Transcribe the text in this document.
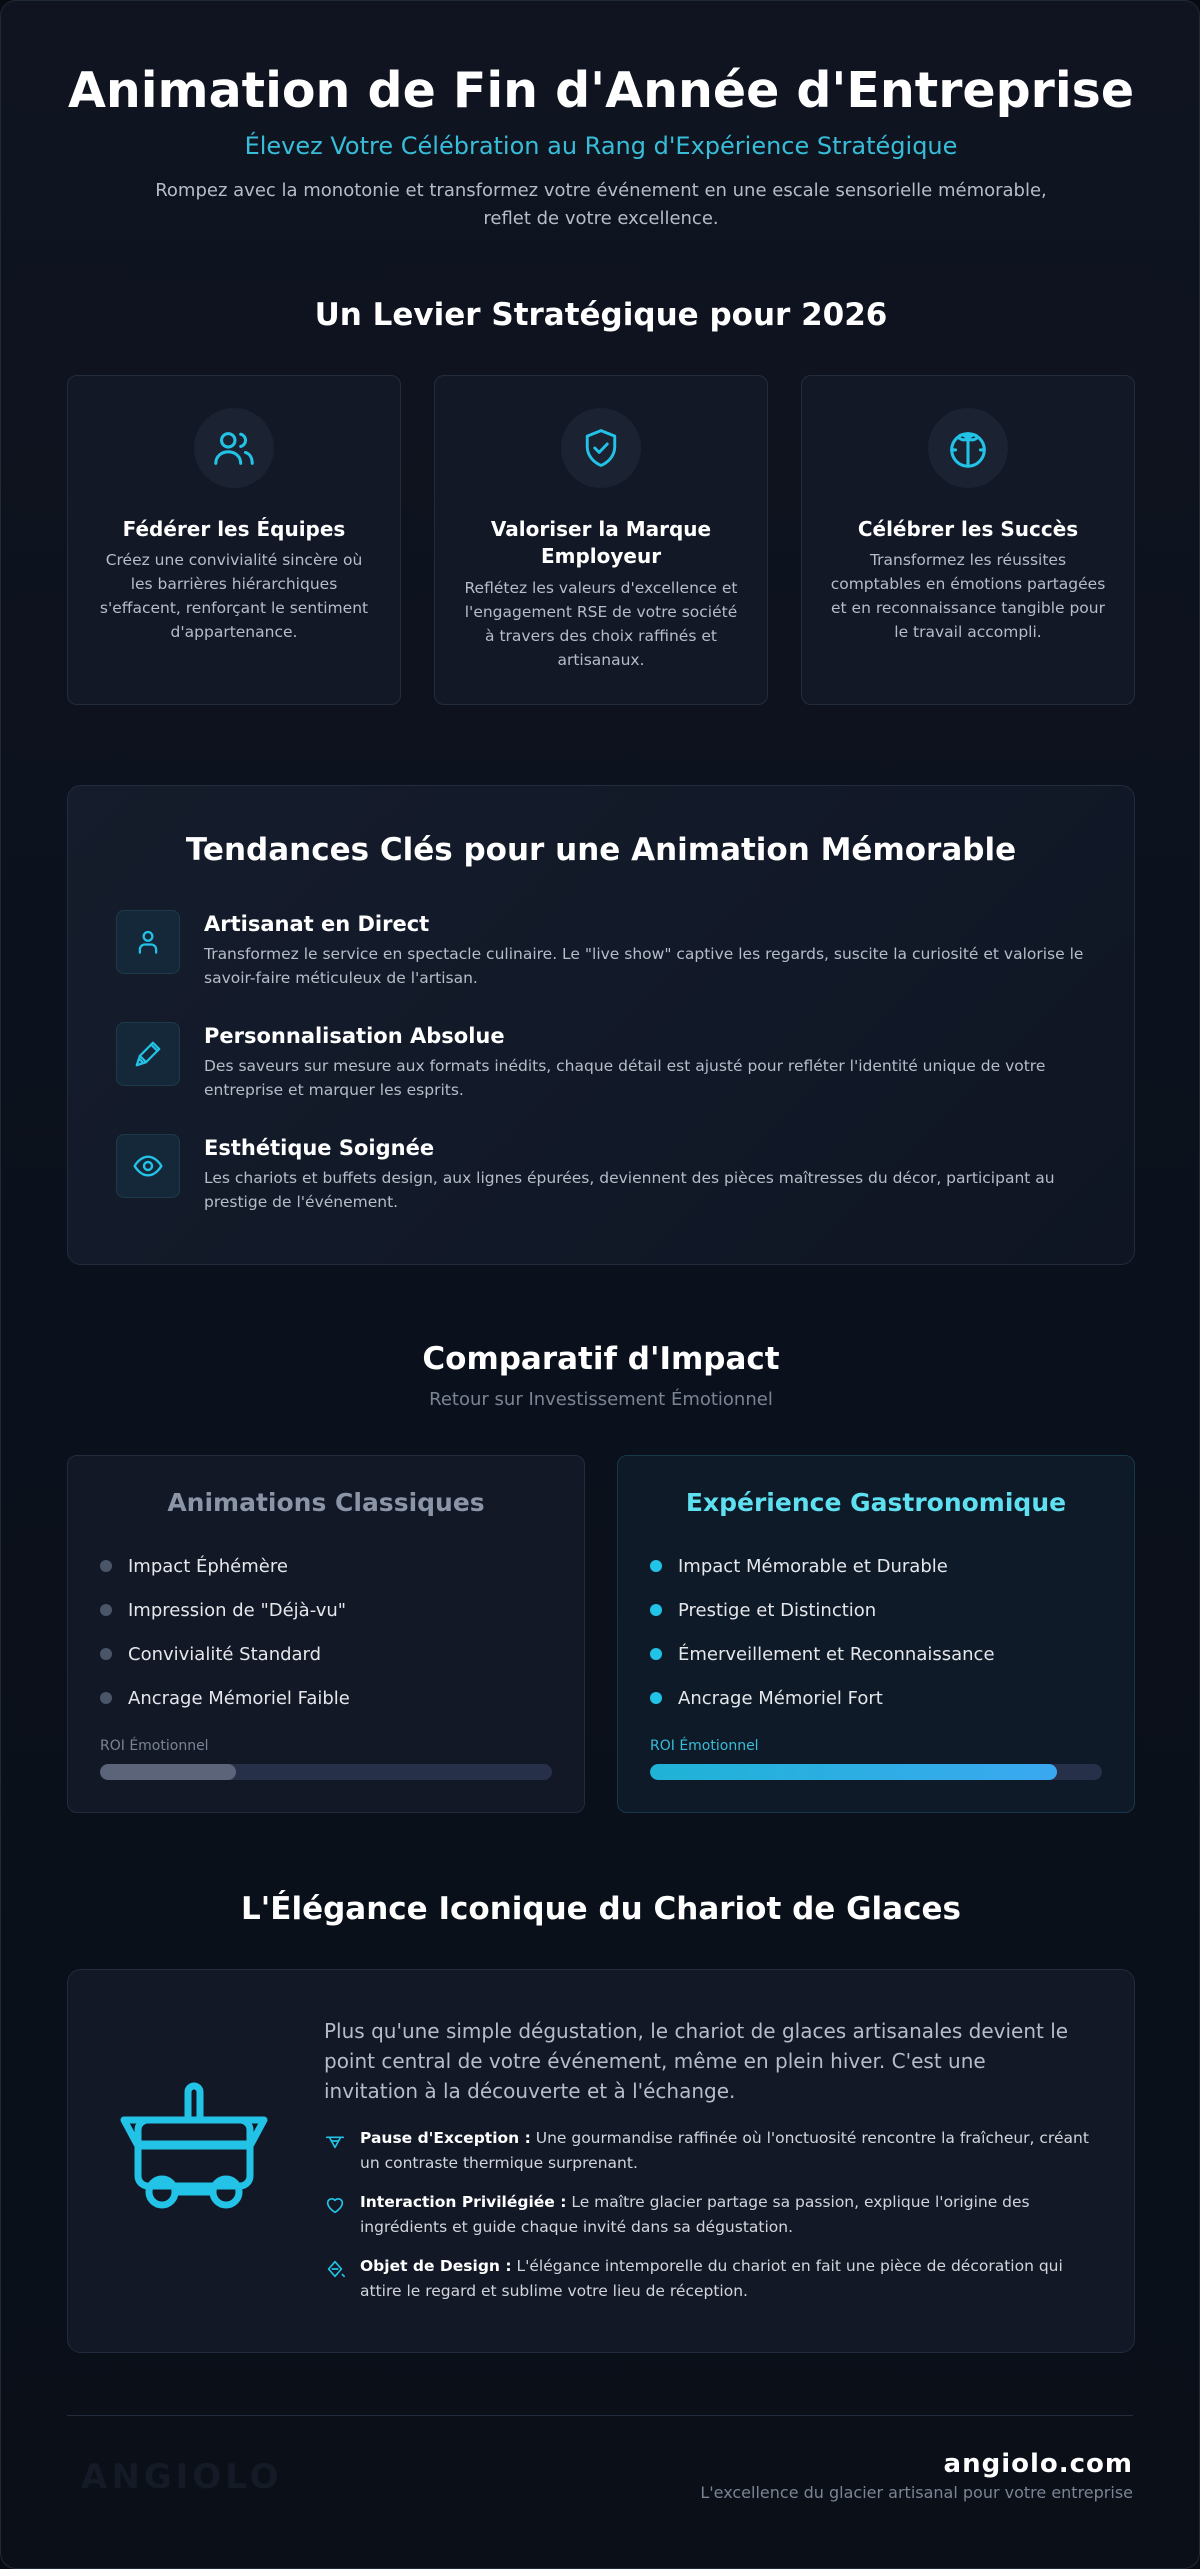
Animation de Fin d'Année d'Entreprise
Élevez Votre Célébration au Rang d'Expérience Stratégique
Rompez avec la monotonie et transformez votre événement en une escale sensorielle mémorable, reflet de votre excellence.
Un Levier Stratégique pour 2026
Fédérer les Équipes
Créez une convivialité sincère où les barrières hiérarchiques s'effacent, renforçant le sentiment d'appartenance.
Valoriser la Marque Employeur
Reflétez les valeurs d'excellence et l'engagement RSE de votre société à travers des choix raffinés et artisanaux.
Célébrer les Succès
Transformez les réussites comptables en émotions partagées et en reconnaissance tangible pour le travail accompli.
Tendances Clés pour une Animation Mémorable
Artisanat en Direct
Transformez le service en spectacle culinaire. Le "live show" captive les regards, suscite la curiosité et valorise le savoir-faire méticuleux de l'artisan.
Personnalisation Absolue
Des saveurs sur mesure aux formats inédits, chaque détail est ajusté pour refléter l'identité unique de votre entreprise et marquer les esprits.
Esthétique Soignée
Les chariots et buffets design, aux lignes épurées, deviennent des pièces maîtresses du décor, participant au prestige de l'événement.
Comparatif d'Impact
Retour sur Investissement Émotionnel
Animations Classiques
Impact Éphémère
Impression de "Déjà-vu"
Convivialité Standard
Ancrage Mémoriel Faible
ROI Émotionnel
Expérience Gastronomique
Impact Mémorable et Durable
Prestige et Distinction
Émerveillement et Reconnaissance
Ancrage Mémoriel Fort
ROI Émotionnel
L'Élégance Iconique du Chariot de Glaces
Plus qu'une simple dégustation, le chariot de glaces artisanales devient le point central de votre événement, même en plein hiver. C'est une invitation à la découverte et à l'échange.
Pause d'Exception : Une gourmandise raffinée où l'onctuosité rencontre la fraîcheur, créant un contraste thermique surprenant.
Interaction Privilégiée : Le maître glacier partage sa passion, explique l'origine des ingrédients et guide chaque invité dans sa dégustation.
Objet de Design : L'élégance intemporelle du chariot en fait une pièce de décoration qui attire le regard et sublime votre lieu de réception.
ANGIOLO	angiolo.com
L'excellence du glacier artisanal pour votre entreprise
